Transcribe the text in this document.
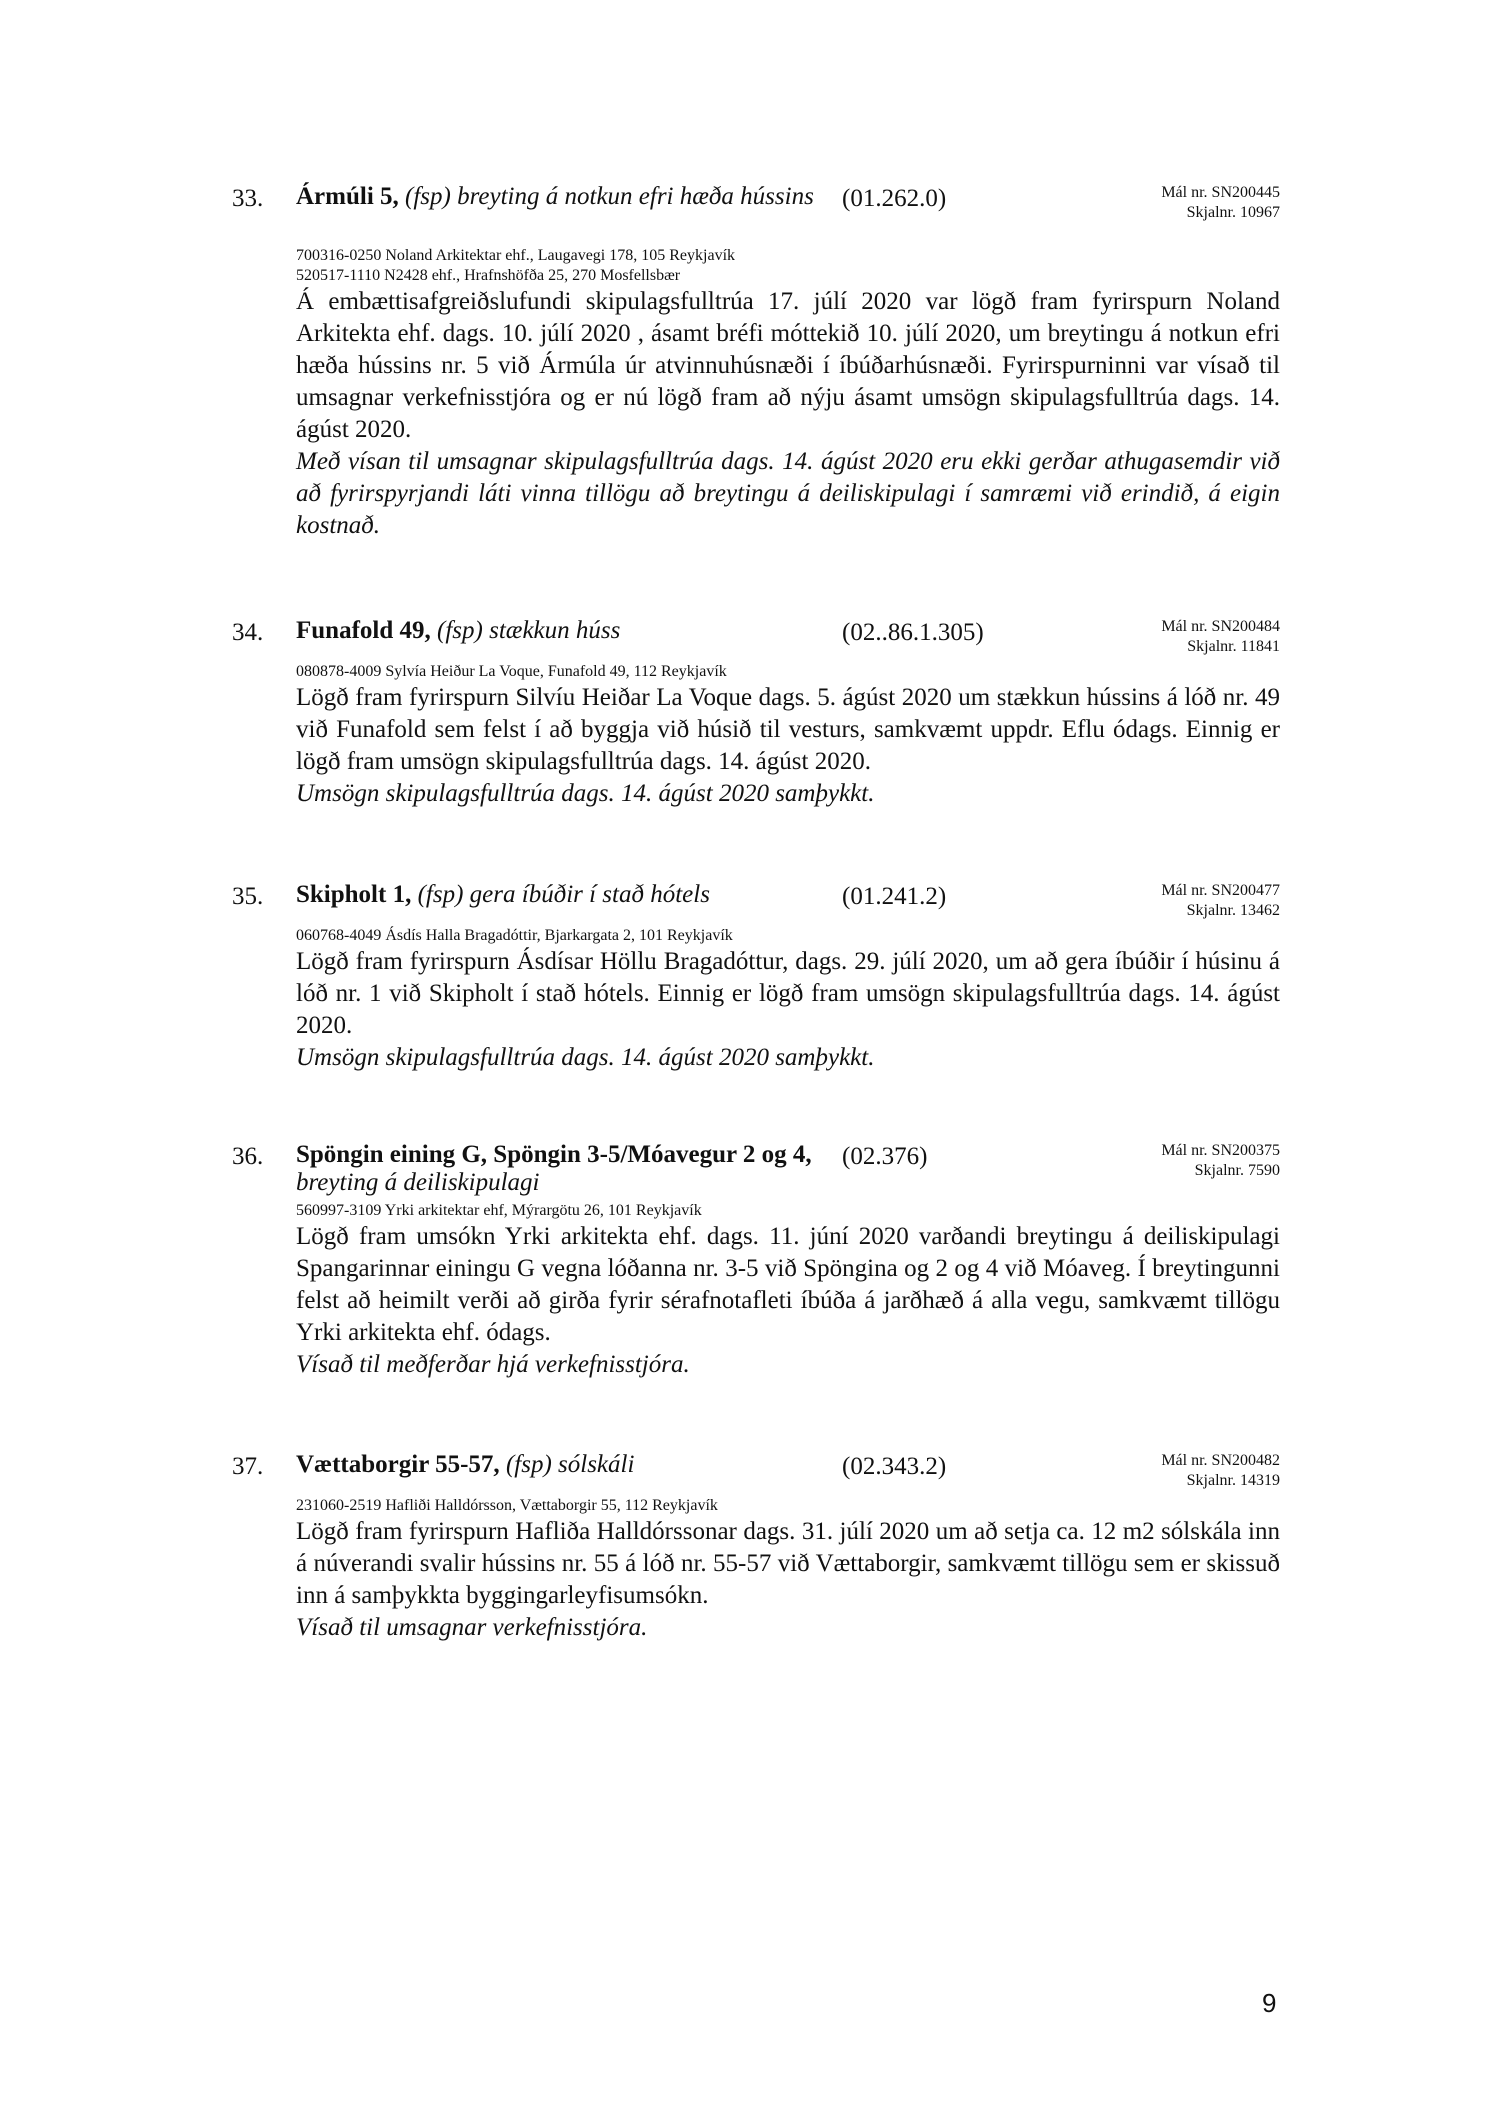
33. Ármúli 5, (fsp) breyting á notkun efri hæða hússins (01.262.0)	Mál nr. SN200445
Skjalnr. 10967
700316-0250 Noland Arkitektar ehf., Laugavegi 178, 105 Reykjavík
520517-1110 N2428 ehf., Hrafnshöfða 25, 270 Mosfellsbær
Á embættisafgreiðslufundi skipulagsfulltrúa 17. júlí 2020 var lögð fram fyrirspurn Noland Arkitekta ehf. dags. 10. júlí 2020 , ásamt bréfi móttekið 10. júlí 2020, um breytingu á notkun efri hæða hússins nr. 5 við Ármúla úr atvinnuhúsnæði í íbúðarhúsnæði. Fyrirspurninni var vísað til umsagnar verkefnisstjóra og er nú lögð fram að nýju ásamt umsögn skipulagsfulltrúa dags. 14. ágúst 2020.
Með vísan til umsagnar skipulagsfulltrúa dags. 14. ágúst 2020 eru ekki gerðar athugasemdir við að fyrirspyrjandi láti vinna tillögu að breytingu á deiliskipulagi í samræmi við erindið, á eigin kostnað.
34. Funafold 49, (fsp) stækkun húss	(02..86.1.305)	Mál nr. SN200484
Skjalnr. 11841
080878-4009 Sylvía Heiður La Voque, Funafold 49, 112 Reykjavík
Lögð fram fyrirspurn Silvíu Heiðar La Voque dags. 5. ágúst 2020 um stækkun hússins á lóð nr. 49 við Funafold sem felst í að byggja við húsið til vesturs, samkvæmt uppdr. Eflu ódags. Einnig er lögð fram umsögn skipulagsfulltrúa dags. 14. ágúst 2020.
Umsögn skipulagsfulltrúa dags. 14. ágúst 2020 samþykkt.
35. Skipholt 1, (fsp) gera íbúðir í stað hótels	(01.241.2)	Mál nr. SN200477
Skjalnr. 13462
060768-4049 Ásdís Halla Bragadóttir, Bjarkargata 2, 101 Reykjavík
Lögð fram fyrirspurn Ásdísar Höllu Bragadóttur, dags. 29. júlí 2020, um að gera íbúðir í húsinu á lóð nr. 1 við Skipholt í stað hótels. Einnig er lögð fram umsögn skipulagsfulltrúa dags. 14. ágúst 2020.
Umsögn skipulagsfulltrúa dags. 14. ágúst 2020 samþykkt.
36. Spöngin eining G, Spöngin 3-5/Móavegur 2 og 4, breyting á deiliskipulagi
(02.376)	Mál nr. SN200375
Skjalnr. 7590
560997-3109 Yrki arkitektar ehf, Mýrargötu 26, 101 Reykjavík
Lögð fram umsókn Yrki arkitekta ehf. dags. 11. júní 2020 varðandi breytingu á deiliskipulagi Spangarinnar einingu G vegna lóðanna nr. 3-5 við Spöngina og 2 og 4 við Móaveg. Í breytingunni felst að heimilt verði að girða fyrir sérafnotafleti íbúða á jarðhæð á alla vegu, samkvæmt tillögu Yrki arkitekta ehf. ódags.
Vísað til meðferðar hjá verkefnisstjóra.
37. Vættaborgir 55-57, (fsp) sólskáli	(02.343.2)	Mál nr. SN200482
Skjalnr. 14319
231060-2519 Hafliði Halldórsson, Vættaborgir 55, 112 Reykjavík
Lögð fram fyrirspurn Hafliða Halldórssonar dags. 31. júlí 2020 um að setja ca. 12 m2 sólskála inn á núverandi svalir hússins nr. 55 á lóð nr. 55-57 við Vættaborgir, samkvæmt tillögu sem er skissuð inn á samþykkta byggingarleyfisumsókn.
Vísað til umsagnar verkefnisstjóra.
9
